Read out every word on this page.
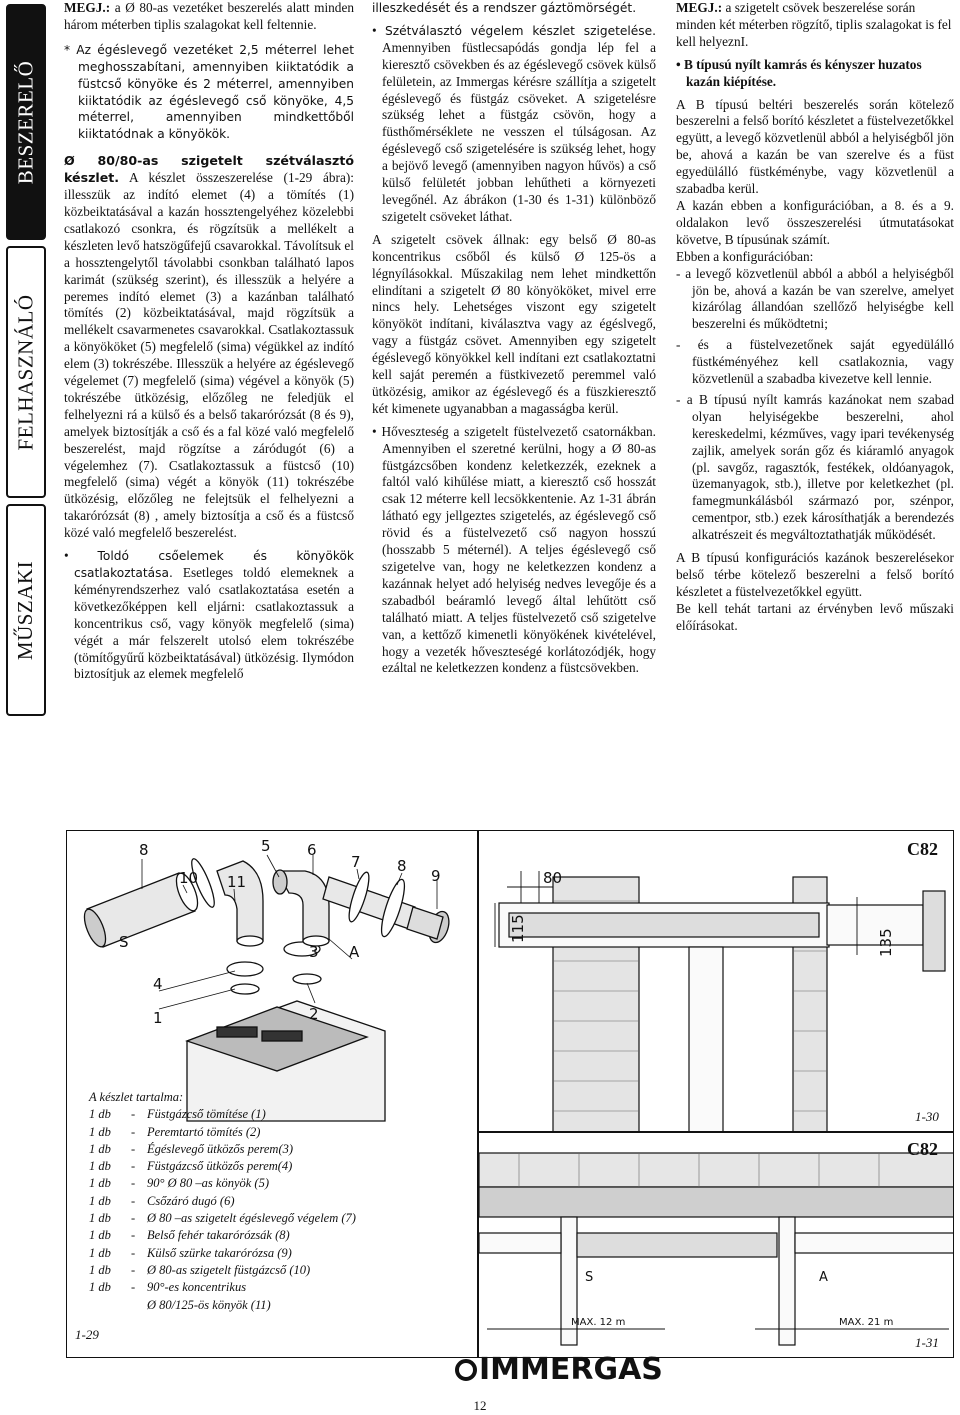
BESZERELŐ
FELHASZNÁLÓ
MŰSZAKI

MEGJ.: a Ø 80-as vezetéket beszerelés alatt minden három méterben tiplis szalagokat kell feltennie.

* Az égéslevegő vezetéket 2,5 méterrel lehet meghosszabítani, amennyiben kiiktatódik a füstcső könyöke és 2 méterrel, amennyiben kiiktatódik az égéslevegő cső könyöke, 4,5 méterrel, amennyiben mindkettőből kiiktatódnak a könyökök.

Ø 80/80-as szigetelt szétválasztó készlet. A készlet összeszerelése (1-29 ábra): illesszük az indító elemet (4) a tömítés (1) közbeiktatásával a kazán hossztengelyéhez közelebbi csatlakozó csonkra, és rögzítsük a mellékelt a készleten levő hatszögűfejű csavarokkal. Távolítsuk el a hossztengelytől távolabbi csonkban található lapos karimát (szükség szerint), és illesszük a helyére a peremes indító elemet (3) a kazánban található tömítés (2) közbeiktatásával, majd rögzítsük a mellékelt csavarmenetes csavarokkal. Csatlakoztassuk a könyököket (5) megfelelő (sima) végükkel az indító elem (3) tokrészébe. Illesszük a helyére az égéslevegő végelemet (7) megfelelő (sima) végével a könyök (5) tokrészébe ütközésig, előzőleg ne feledjük el felhelyezni rá a külső és a belső takarórózsát (8 és 9), amelyek biztosítják a cső és a fal közé való megfelelő beszerelést, majd rögzítse a záródugót (6) a végelemhez (7). Csatlakoztassuk a füstcső (10) megfelelő (sima) végét a könyök (11) tokrészébe ütközésig, előzőleg ne felejtsük el felhelyezni a takarórózsát (8) , amely biztosítja a cső és a füstcső közé való megfelelő beszerelést.

• Toldó csőelemek és könyökök csatlakoztatása. Esetleges toldó elemeknek a kéményrendszerhez való csatlakoztatása esetén a következőképpen kell eljárni: csatlakoztassuk a koncentrikus cső, vagy könyök megfelelő (sima) végét a már felszerelt utolsó elem tokrészébe (tömítőgyűrű közbeiktatásával) ütközésig. Ilymódon biztosítjuk az elemek megfelelő

illeszkedését és a rendszer gáztömörségét.

• Szétválasztó végelem készlet szigetelése. Amennyiben füstlecsapódás gondja lép fel a kieresztő csövekben és az égéslevegő csövek külső felületein, az Immergas kérésre szállítja a szigetelt égéslevegő és füstgáz csöveket. A szigetelésre szükség lehet a füstgáz csövön, hogy a füsthőmérséklete ne vesszen el túlságosan. Az égéslevegő cső szigetelésére is szükség lehet, hogy a bejövő levegő (amennyiben nagyon hűvös) a cső külső felületét jobban lehűtheti a környezeti levegőnél. Az ábrákon (1-30 és 1-31) különböző szigetelt csöveket láthat.

A szigetelt csövek állnak: egy belső Ø 80-as koncentrikus csőből és külső Ø 125-ös a légnyílásokkal. Műszakilag nem lehet mindkettőn elindítani a szigetelt Ø 80 könyököket, mivel erre nincs hely. Lehetséges viszont egy szigetelt könyököt indítani, kiválasztva vagy az égéslvegő, vagy a füstgáz csövet. Amennyiben egy szigetelt égéslevegő könyökkel kell indítani ezt csatlakoztatni kell saját peremén a füstkivezető peremmel való ütközésig, amikor az égéslevegő és a füszkieresztő két kimenete ugyanabban a magasságba kerül.

• Hőveszteség a szigetelt füstelvezető csatornákban. Amennyiben el szeretné kerülni, hogy a Ø 80-as füstgázcsőben kondenz keletkezzék, ezeknek a faltól való kihűlése miatt, a kieresztő cső hosszát csak 12 méterre kell lecsökkentenie. Az 1-31 ábrán látható egy jellgeztes szigetelés, az égéslevegő cső rövid és a füstelvezető cső nagyon hosszú (hosszabb 5 méternél). A teljes égéslevegő cső szigetelve van, hogy ne keletkezzen kondenz a kazánnak helyet adó helyiség nedves levegője és a szabadból beáramló levegő által lehűtött cső található miatt. A teljes füstelvezető cső szigetelve van, a kettőző kimenetli könyökének kivételével, hogy a vezeték hőveszteségé korlátozódjék, hogy ezáltal ne keletkezzen kondenz a füstcsövekben.

MEGJ.: a szigetelt csövek beszerelése során minden két méterben rögzítő, tiplis szalagokat is fel kell helyeznI.

• B típusú nyílt kamrás és kényszer huzatos kazán kiépítése.

A B típusú beltéri beszerelés során kötelező beszerelni a felső borító készletet a füstelvezetőkkel együtt, a levegő közvetlenül abból a helyiségből jön be, ahová a kazán be van szerelve és a füst egyedülálló füstkéménybe, vagy közvetlenül a szabadba kerül.

A kazán ebben a konfigurációban, a 8. és a 9. oldalakon levő összeszerelési útmutatásokat követve, B típusúnak számít.

Ebben a konfigurációban:

- a levegő közvetlenül abból a abból a helyiségből jön be, ahová a kazán be van szerelve, amelyet kizárólag állandóan szellőző helyiségbe kell beszerelni és működtetni;

- és a füstelvezetőnek saját egyedülálló füstkéményéhez kell csatlakoznia, vagy közvetlenül a szabadba kivezetve kell lennie.

- a B típusú nyílt kamrás kazánokat nem szabad olyan helyiségekbe beszerelni, ahol kereskedelmi, kézműves, vagy ipari tevékenység zajlik, amelyek során gőz és kiáramló anyagok (pl. savgőz, ragasztók, festékek, oldóanyagok, üzemanyagok, stb.), illetve por keletkezhet (pl. famegmunkálásból származó por, szénpor, cementpor, stb.) ezek károsíthatják a berendezés alkatrészeit és megváltoztathatják működését.

A B típusú konfigurációs kazánok beszerelésekor belső térbe kötelező beszerelni a felső borító készletet a füstelvezetőkkel együtt.

Be kell tehát tartani az érvényben levő műszaki előírásokat.

8
10 11
5 6
7 8
9
S
4
1
3 A
2
A készlet tartalma:
1 db	- Füstgázcső tömítése (1)
1 db	- Peremtartó tömítés (2)
1 db	- Égéslevegő ütközős perem(3)
1 db	- Füstgázcső ütközős perem(4)
1 db	- 90° Ø 80 –as könyök (5)
1 db	- Csőzáró dugó (6)
1 db	- Ø 80 –as szigetelt égéslevegő végelem (7)
1 db	- Belső fehér takarórózsák (8)
1 db	- Külső szürke takarórózsa (9)
1 db	- Ø 80-as szigetelt füstgázcső (10)
1 db	- 90°-es koncentrikus
Ø 80/125-ös könyök (11)
1-29
80
115	135
C82
1-30
S	A
MAX. 12 m	MAX. 21 m
C82
1-31
IMMERGAS
12
